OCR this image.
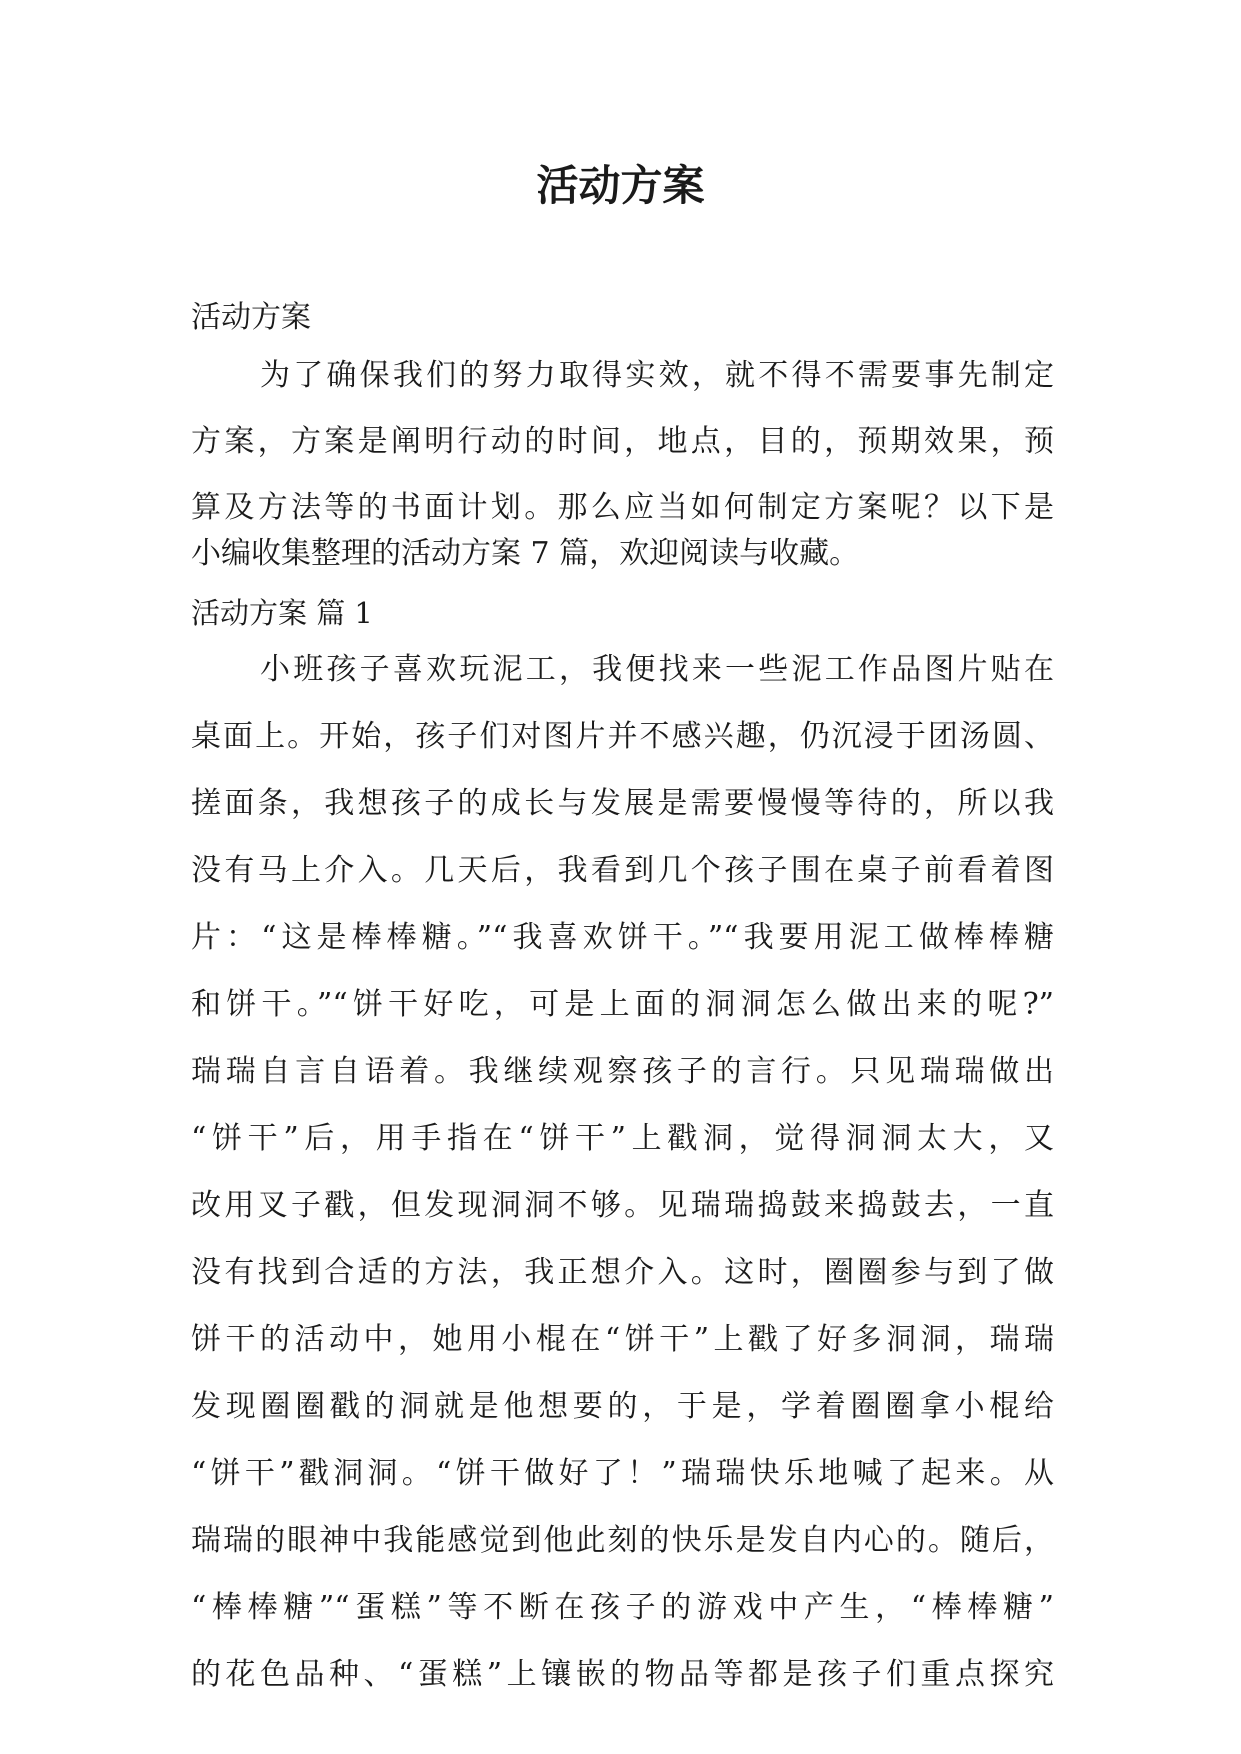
活动方案
活动方案
为了确保我们的努力取得实效，就不得不需要事先制定
方案，方案是阐明行动的时间，地点，目的，预期效果，预
算及方法等的书面计划。那么应当如何制定方案呢？以下是
小编收集整理的活动方案 7 篇，欢迎阅读与收藏。
活动方案 篇 1
小班孩子喜欢玩泥工，我便找来一些泥工作品图片贴在
桌面上。开始，孩子们对图片并不感兴趣，仍沉浸于团汤圆、
搓面条，我想孩子的成长与发展是需要慢慢等待的，所以我
没有马上介入。几天后，我看到几个孩子围在桌子前看着图
片：“这是棒棒糖。”“我喜欢饼干。”“我要用泥工做棒棒糖
和饼干。”“饼干好吃，可是上面的洞洞怎么做出来的呢?”
瑞瑞自言自语着。我继续观察孩子的言行。只见瑞瑞做出
“饼干”后，用手指在“饼干”上戳洞，觉得洞洞太大，又
改用叉子戳，但发现洞洞不够。见瑞瑞捣鼓来捣鼓去，一直
没有找到合适的方法，我正想介入。这时，圈圈参与到了做
饼干的活动中，她用小棍在“饼干”上戳了好多洞洞，瑞瑞
发现圈圈戳的洞就是他想要的，于是，学着圈圈拿小棍给
“饼干”戳洞洞。“饼干做好了！”瑞瑞快乐地喊了起来。从
瑞瑞的眼神中我能感觉到他此刻的快乐是发自内心的。随后，
“棒棒糖”“蛋糕”等不断在孩子的游戏中产生，“棒棒糖”
的花色品种、“蛋糕”上镶嵌的物品等都是孩子们重点探究
